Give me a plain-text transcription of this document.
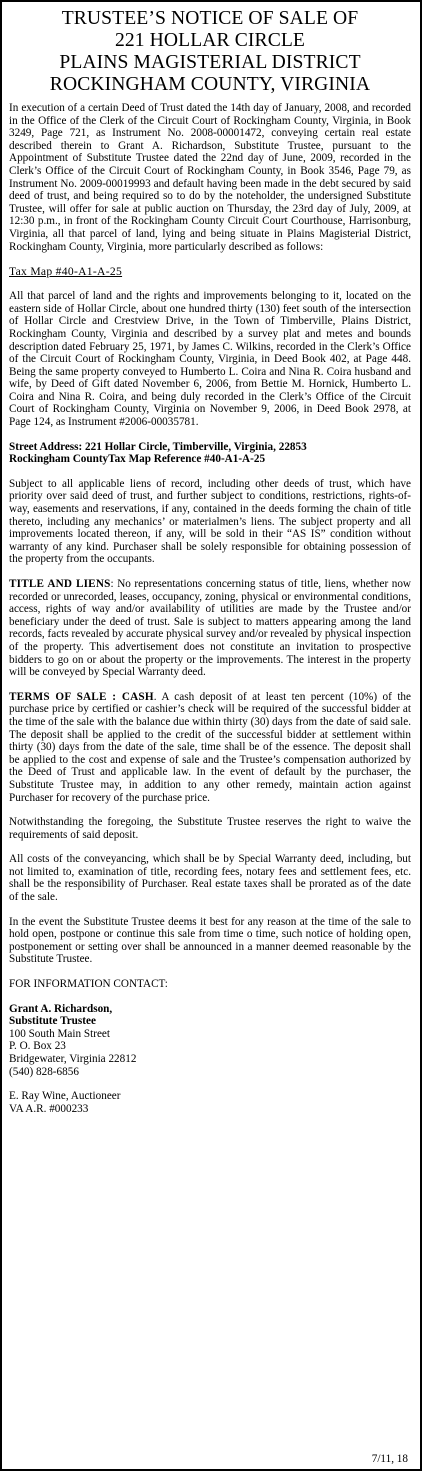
TRUSTEE’S NOTICE OF SALE OF
221 HOLLAR CIRCLE
PLAINS MAGISTERIAL DISTRICT
ROCKINGHAM COUNTY, VIRGINIA

In execution of a certain Deed of Trust dated the 14th day of January, 2008, and recorded in the Office of the Clerk of the Circuit Court of Rockingham County, Virginia, in Book 3249, Page 721, as Instrument No. 2008-00001472, conveying certain real estate described therein to Grant A. Richardson, Substitute Trustee, pursuant to the Appointment of Substitute Trustee dated the 22nd day of June, 2009, recorded in the Clerk’s Office of the Circuit Court of Rockingham County, in Book 3546, Page 79, as Instrument No. 2009-00019993 and default having been made in the debt secured by said deed of trust, and being required so to do by the noteholder, the undersigned Substitute Trustee, will offer for sale at public auction on Thursday, the 23rd day of July, 2009, at 12:30 p.m., in front of the Rockingham County Circuit Court Courthouse, Harrisonburg, Virginia, all that parcel of land, lying and being situate in Plains Magisterial District, Rockingham County, Virginia, more particularly described as follows:

Tax Map #40-A1-A-25

All that parcel of land and the rights and improvements belonging to it, located on the eastern side of Hollar Circle, about one hundred thirty (130) feet south of the intersection of Hollar Circle and Crestview Drive, in the Town of Timberville, Plains District, Rockingham County, Virginia and described by a survey plat and metes and bounds description dated February 25, 1971, by James C. Wilkins, recorded in the Clerk’s Office of the Circuit Court of Rockingham County, Virginia, in Deed Book 402, at Page 448. Being the same property conveyed to Humberto L. Coira and Nina R. Coira husband and wife, by Deed of Gift dated November 6, 2006, from Bettie M. Hornick, Humberto L. Coira and Nina R. Coira, and being duly recorded in the Clerk’s Office of the Circuit Court of Rockingham County, Virginia on November 9, 2006, in Deed Book 2978, at Page 124, as Instrument #2006-00035781.

Street Address: 221 Hollar Circle, Timberville, Virginia, 22853
Rockingham CountyTax Map Reference #40-A1-A-25

Subject to all applicable liens of record, including other deeds of trust, which have priority over said deed of trust, and further subject to conditions, restrictions, rights-of-way, easements and reservations, if any, contained in the deeds forming the chain of title thereto, including any mechanics’ or materialmen’s liens. The subject property and all improvements located thereon, if any, will be sold in their “AS IS” condition without warranty of any kind. Purchaser shall be solely responsible for obtaining possession of the property from the occupants.

TITLE AND LIENS: No representations concerning status of title, liens, whether now recorded or unrecorded, leases, occupancy, zoning, physical or environmental conditions, access, rights of way and/or availability of utilities are made by the Trustee and/or beneficiary under the deed of trust. Sale is subject to matters appearing among the land records, facts revealed by accurate physical survey and/or revealed by physical inspection of the property. This advertisement does not constitute an invitation to prospective bidders to go on or about the property or the improvements. The interest in the property will be conveyed by Special Warranty deed.

TERMS OF SALE : CASH. A cash deposit of at least ten percent (10%) of the purchase price by certified or cashier’s check will be required of the successful bidder at the time of the sale with the balance due within thirty (30) days from the date of said sale. The deposit shall be applied to the credit of the successful bidder at settlement within thirty (30) days from the date of the sale, time shall be of the essence. The deposit shall be applied to the cost and expense of sale and the Trustee’s compensation authorized by the Deed of Trust and applicable law. In the event of default by the purchaser, the Substitute Trustee may, in addition to any other remedy, maintain action against Purchaser for recovery of the purchase price.

Notwithstanding the foregoing, the Substitute Trustee reserves the right to waive the requirements of said deposit.

All costs of the conveyancing, which shall be by Special Warranty deed, including, but not limited to, examination of title, recording fees, notary fees and settlement fees, etc. shall be the responsibility of Purchaser. Real estate taxes shall be prorated as of the date of the sale.

In the event the Substitute Trustee deems it best for any reason at the time of the sale to hold open, postpone or continue this sale from time o time, such notice of holding open, postponement or setting over shall be announced in a manner deemed reasonable by the Substitute Trustee.

FOR INFORMATION CONTACT:
Grant A. Richardson,
Substitute Trustee
100 South Main Street
P. O. Box 23
Bridgewater, Virginia 22812
(540) 828-6856
E. Ray Wine, Auctioneer
VA A.R. #000233
7/11, 18
